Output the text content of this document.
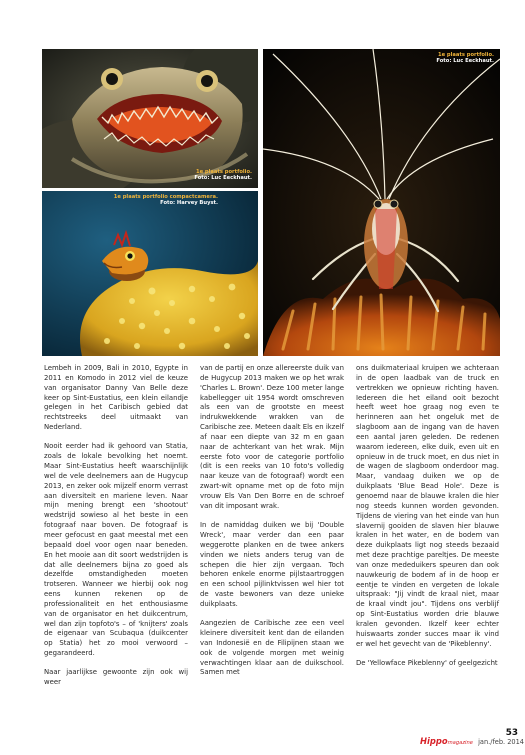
1e plaats portfolio.
Foto: Luc Eeckhaut.
1e plaats portfolio compactcamera.
Foto: Harvey Buyst.
1e plaats portfolio.
Foto: Luc Eeckhaut.

Lembeh in 2009, Bali in 2010, Egypte in 2011 en Komodo in 2012 viel de keuze van organisator Danny Van Belle deze keer op Sint-Eustatius, een klein eilandje gelegen in het Caribisch gebied dat rechtstreeks deel uitmaakt van Nederland.

Nooit eerder had ik gehoord van Statia, zoals de lokale bevolking het noemt. Maar Sint-Eustatius heeft waarschijnlijk wel de vele deelnemers aan de Hugycup 2013, en zeker ook mijzelf enorm verrast aan diversiteit en mariene leven. Naar mijn mening brengt een 'shootout' wedstrijd sowieso al het beste in een fotograaf naar boven. De fotograaf is meer gefocust en gaat meestal met een bepaald doel voor ogen naar beneden. En het mooie aan dit soort wedstrijden is dat alle deelnemers bijna zo goed als dezelfde omstandigheden moeten trotseren. Wanneer we hierbij ook nog eens kunnen rekenen op de professionaliteit en het enthousiasme van de organisator en het duikcentrum, wel dan zijn topfoto's – of 'knijters' zoals de eigenaar van Scubaqua (duikcenter op Statia) het zo mooi verwoord – gegarandeerd.

Naar jaarlijkse gewoonte zijn ook wij weer

van de partij en onze allereerste duik van de Hugycup 2013 maken we op het wrak 'Charles L. Brown'. Deze 100 meter lange kabellegger uit 1954 wordt omschreven als een van de grootste en meest indrukwekkende wrakken van de Caribische zee. Meteen daalt Els en ikzelf af naar een diepte van 32 m en gaan naar de achterkant van het wrak. Mijn eerste foto voor de categorie portfolio (dit is een reeks van 10 foto's volledig naar keuze van de fotograaf) wordt een zwart-wit opname met op de foto mijn vrouw Els Van Den Borre en de schroef van dit imposant wrak.

In de namiddag duiken we bij 'Double Wreck', maar verder dan een paar weggerotte planken en de twee ankers vinden we niets anders terug van de schepen die hier zijn vergaan. Toch behoren enkele enorme pijlstaartroggen en een school pijlinktvissen wel hier tot de vaste bewoners van deze unieke duikplaats.

Aangezien de Caribische zee een veel kleinere diversiteit kent dan de eilanden van Indonesië en de Filipijnen staan we ook de volgende morgen met weinig verwachtingen klaar aan de duikschool. Samen met

ons duikmateriaal kruipen we achteraan in de open laadbak van de truck en vertrekken we opnieuw richting haven. Iedereen die het eiland ooit bezocht heeft weet hoe graag nog even te herinneren aan het ongeluk met de slagboom aan de ingang van de haven een aantal jaren geleden. De redenen waarom iedereen, elke duik, even uit en opnieuw in de truck moet, en dus niet in de wagen de slagboom onderdoor mag. Maar, vandaag duiken we op de duikplaats 'Blue Bead Hole'. Deze is genoemd naar de blauwe kralen die hier nog steeds kunnen worden gevonden. Tijdens de viering van het einde van hun slavernij gooiden de slaven hier blauwe kralen in het water, en de bodem van deze duikplaats ligt nog steeds bezaaid met deze prachtige pareltjes. De meeste van onze mededuikers speuren dan ook nauwkeurig de bodem af in de hoop er eentje te vinden en vergeten de lokale uitspraak: "Jij vindt de kraal niet, maar de kraal vindt jou". Tijdens ons verblijf op Sint-Eustatius worden drie blauwe kralen gevonden. Ikzelf keer echter huiswaarts zonder succes maar ik vind er wel het gevecht van de 'Pikeblenny'.

De 'Yellowface Pikeblenny' of geelgezicht

Hippomagazine jan./feb. 2014
53
